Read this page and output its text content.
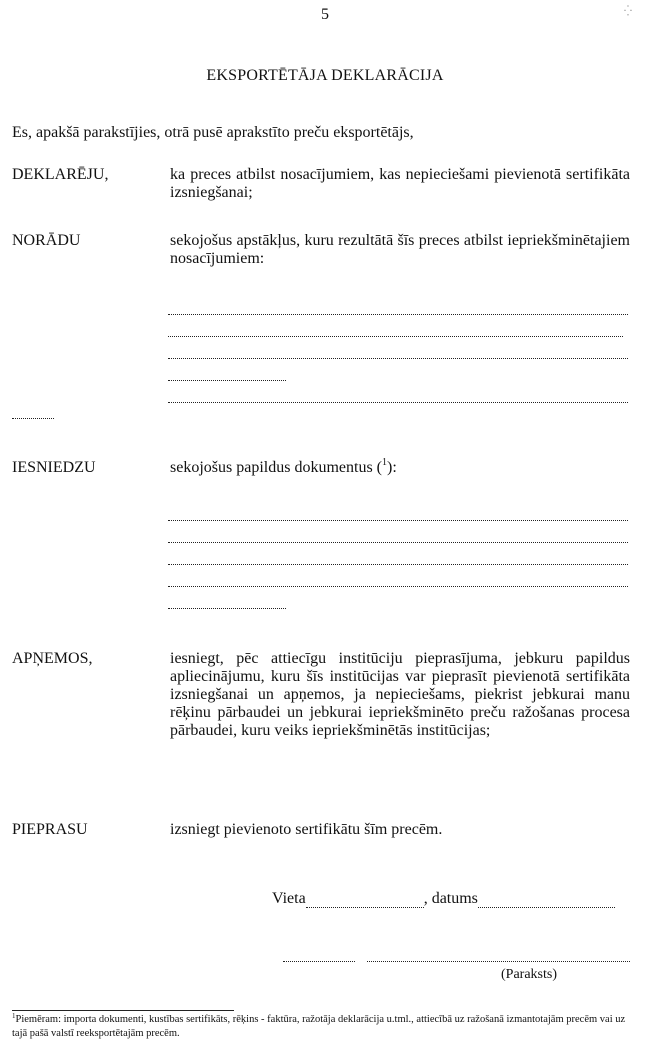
⁛
5
EKSPORTĒTĀJA DEKLARĀCIJA
Es, apakšā parakstījies, otrā pusē aprakstīto preču eksportētājs,
DEKLARĒJU,	ka preces atbilst nosacījumiem, kas nepieciešami pievienotā sertifikāta izsniegšanai;
NORĀDU	sekojošus apstākļus, kuru rezultātā šīs preces atbilst iepriekšminētajiem nosacījumiem:
IESNIEDZU	sekojošus papildus dokumentus ($^1$):
APŅEMOS,	iesniegt, pēc attiecīgu institūciju pieprasījuma, jebkuru papildus apliecinājumu, kuru šīs institūcijas var pieprasīt pievienotā sertifikāta izsniegšanai un apņemos, ja nepieciešams, piekrist jebkurai manu rēķinu pārbaudei un jebkurai iepriekšminēto preču ražošanas procesa pārbaudei, kuru veiks iepriekšminētās institūcijas;
PIEPRASU	izsniegt pievienoto sertifikātu šīm precēm.
Vieta	, datums
(Paraksts)
$^1$Piemēram: importa dokumenti, kustības sertifikāts, rēķins - faktūra, ražotāja deklarācija u.tml., attiecībā uz ražošanā izmantotajām precēm vai uz tajā pašā valstī reeksportētajām precēm.
